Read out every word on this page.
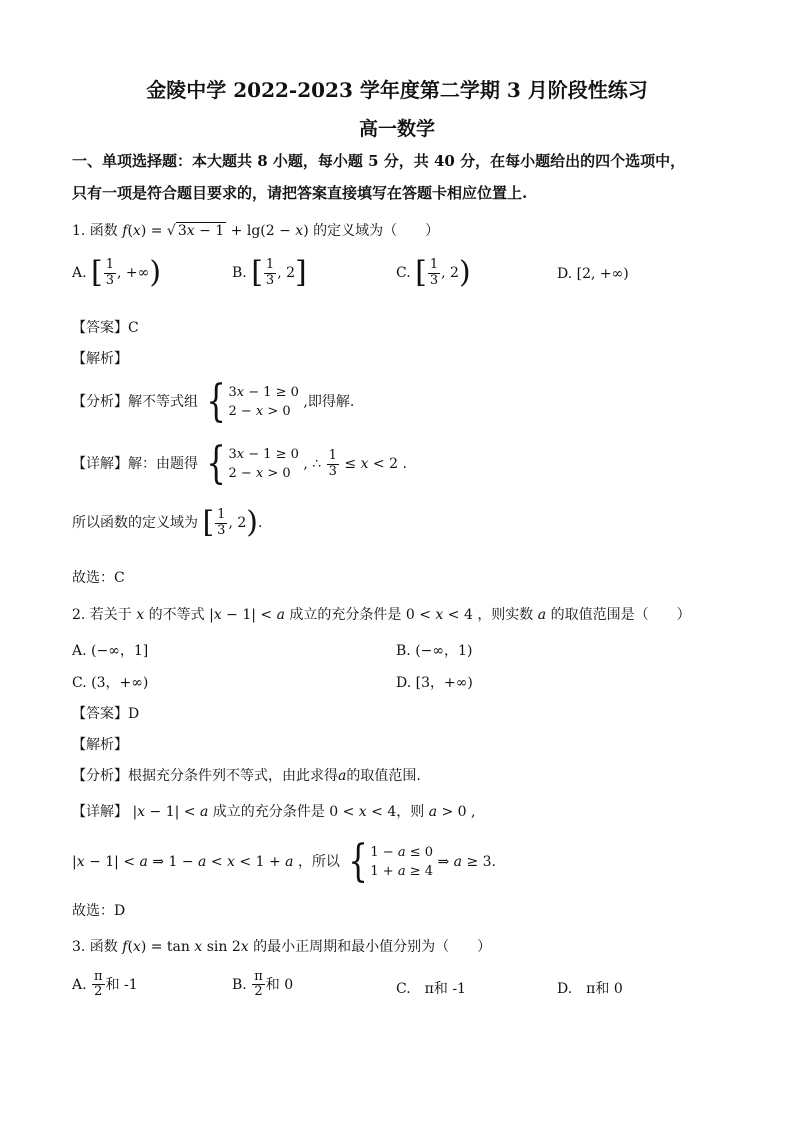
金陵中学 2022-2023 学年度第二学期 3 月阶段性练习
高一数学
一、单项选择题：本大题共 8 小题，每小题 5 分，共 40 分，在每小题给出的四个选项中，
只有一项是符合题目要求的，请把答案直接填写在答题卡相应位置上.
1. 函数 f(x) = √ 3x − 1 + lg(2 − x) 的定义域为（　　）
A. [ $\frac{1}{3}$ , +∞)	B. [ $\frac{1}{3}$ , 2]	C. [ $\frac{1}{3}$ , 2)	D. [2, +∞)
【答案】C
【解析】
【分析】解不等式组 { 3x − 1 ≥ 0
2 − x > 0
,即得解.
【详解】解：由题得 { 3x − 1 ≥ 0
2 − x > 0
, ∴ $\frac{1}{3} \le x < 2$ .
所以函数的定义域为 [ $\frac{1}{3}$ , 2).
故选：C
2. 若关于 x 的不等式 |x − 1| < a 成立的充分条件是 0 < x < 4 ，则实数 a 的取值范围是（　　）
A. (−∞，1]	B. (−∞，1)
C. (3，+∞)	D. [3，+∞)
【答案】D
【解析】
【分析】根据充分条件列不等式，由此求得a的取值范围.
【详解】 |x − 1| < a 成立的充分条件是 0 < x < 4，则 a > 0 ,
|x − 1| < a ⇒ 1 − a < x < 1 + a ，所以 { 1 − a ≤ 0
1 + a ≥ 4
⇒ a ≥ 3.
故选：D
3. 函数 f(x) = tan x sin 2x 的最小正周期和最小值分别为（　　）
A. $\frac{\pi}{2}$ 和 -1	B. $\frac{\pi}{2}$ 和 0	C.　π和 -1	D.　π和 0
